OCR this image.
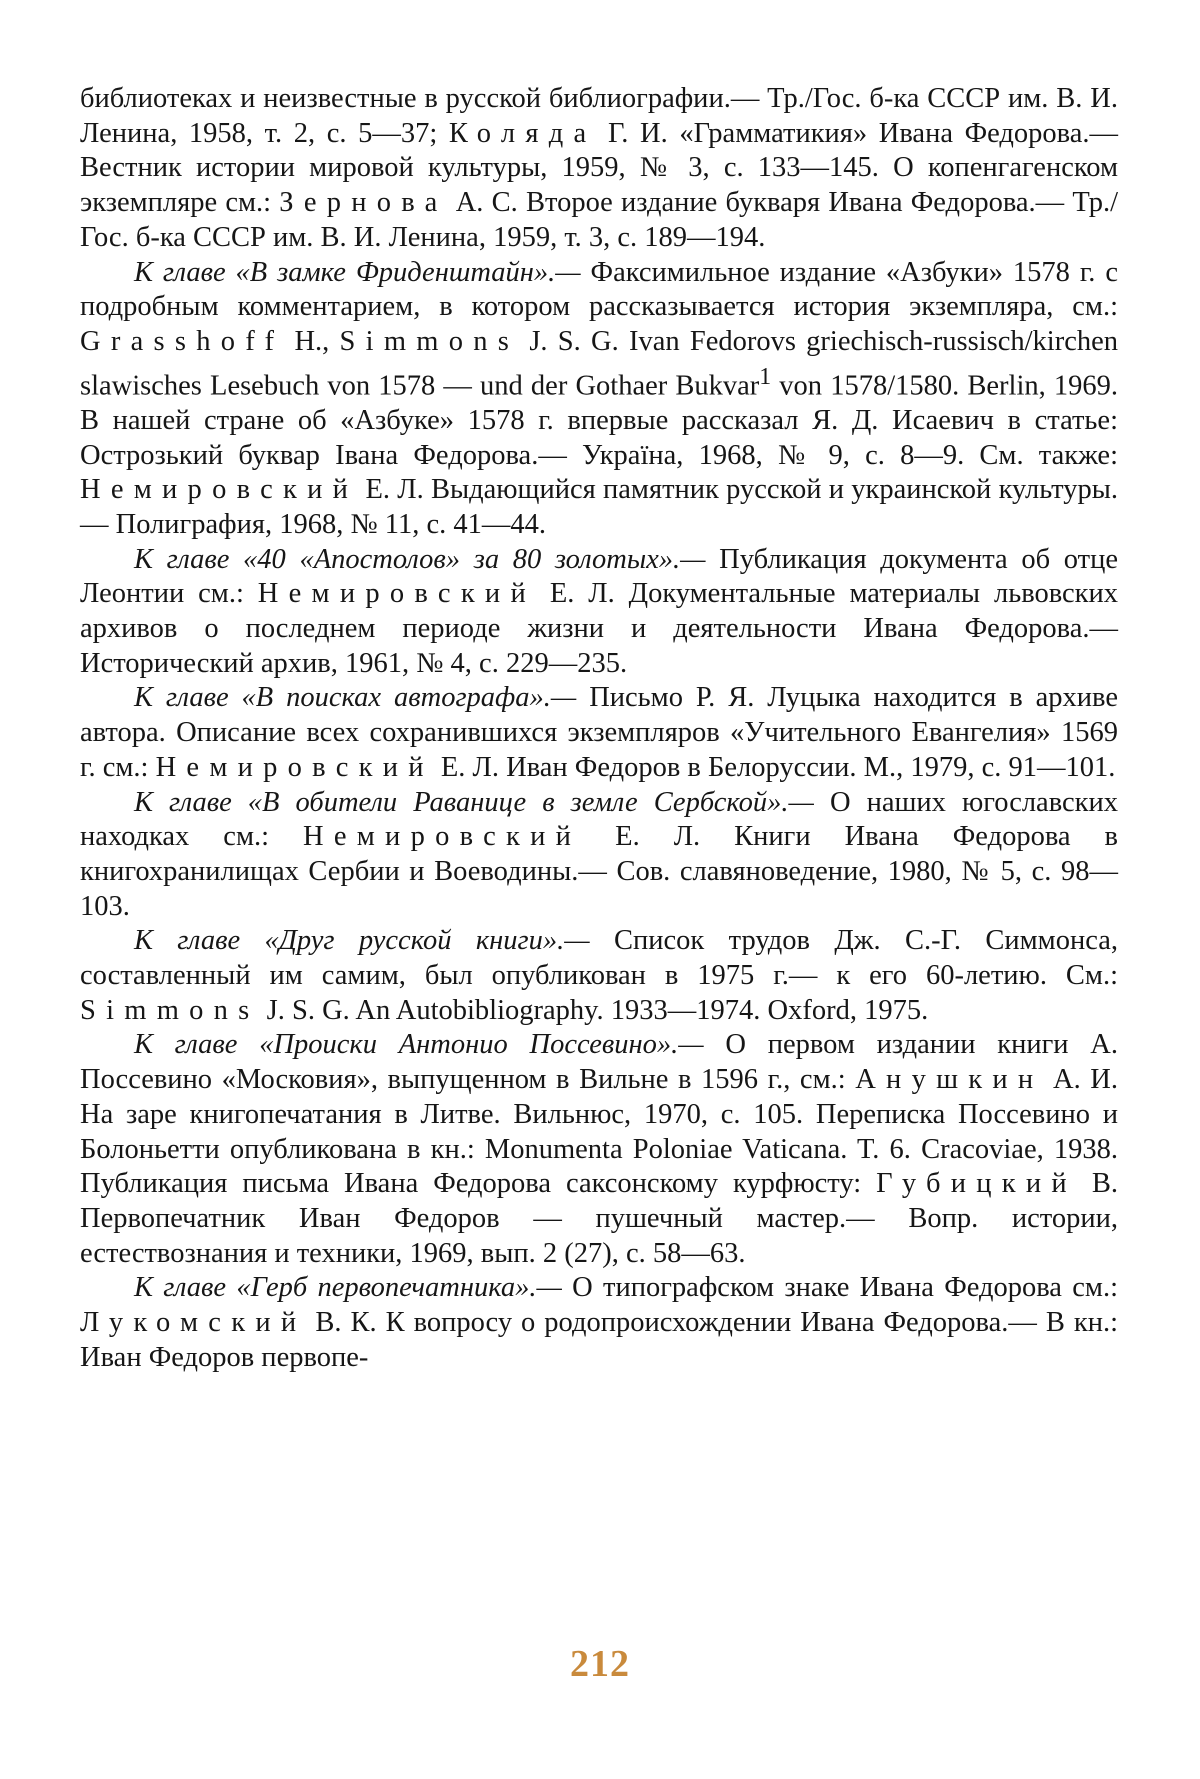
библиотеках и неизвестные в русской библиографии.— Тр./Гос. б-ка СССР им. В. И. Ленина, 1958, т. 2, с. 5—37; Коляда Г. И. «Грамматикия» Ивана Федорова.— Вестник истории мировой культуры, 1959, № 3, с. 133—145. О копенгагенском экземпляре см.: Зернова А. С. Второе издание букваря Ивана Федорова.— Тр./Гос. б-ка СССР им. В. И. Ленина, 1959, т. 3, с. 189—194.

К главе «В замке Фриденштайн».— Факсимильное издание «Азбуки» 1578 г. с подробным комментарием, в котором рассказывается история экземпляра, см.: Grasshoff H., Simmons J. S. G. Ivan Fedorovs griechisch-russisch/kirchen slawisches Lesebuch von 1578 — und der Gothaer Bukvar$^1$ von 1578/1580. Berlin, 1969. В нашей стране об «Азбуке» 1578 г. впервые рассказал Я. Д. Исаевич в статье: Острозький буквар Івана Федорова.— Україна, 1968, № 9, с. 8—9. См. также: Немировский Е. Л. Выдающийся памятник русской и украинской культуры.— Полиграфия, 1968, № 11, с. 41—44.

К главе «40 «Апостолов» за 80 золотых».— Публикация документа об отце Леонтии см.: Немировский Е. Л. Документальные материалы львовских архивов о последнем периоде жизни и деятельности Ивана Федорова.— Исторический архив, 1961, № 4, с. 229—235.

К главе «В поисках автографа».— Письмо Р. Я. Луцыка находится в архиве автора. Описание всех сохранившихся экземпляров «Учительного Евангелия» 1569 г. см.: Немировский Е. Л. Иван Федоров в Белоруссии. М., 1979, с. 91—101.

К главе «В обители Раванице в земле Сербской».— О наших югославских находках см.: Немировский Е. Л. Книги Ивана Федорова в книгохранилищах Сербии и Воеводины.— Сов. славяноведение, 1980, № 5, с. 98—103.

К главе «Друг русской книги».— Список трудов Дж. С.-Г. Симмонса, составленный им самим, был опубликован в 1975 г.— к его 60-летию. См.: Simmons J. S. G. An Autobibliography. 1933—1974. Oxford, 1975.

К главе «Происки Антонио Поссевино».— О первом издании книги А. Поссевино «Московия», выпущенном в Вильне в 1596 г., см.: Анушкин А. И. На заре книгопечатания в Литве. Вильнюс, 1970, с. 105. Переписка Поссевино и Болоньетти опубликована в кн.: Monumenta Poloniae Vaticana. T. 6. Cracoviae, 1938. Публикация письма Ивана Федорова саксонскому курфюсту: Губицкий В. Первопечатник Иван Федоров — пушечный мастер.— Вопр. истории, естествознания и техники, 1969, вып. 2 (27), с. 58—63.

К главе «Герб первопечатника».— О типографском знаке Ивана Федорова см.: Лукомский В. К. К вопросу о родопроисхождении Ивана Федорова.— В кн.: Иван Федоров первопе-

212
